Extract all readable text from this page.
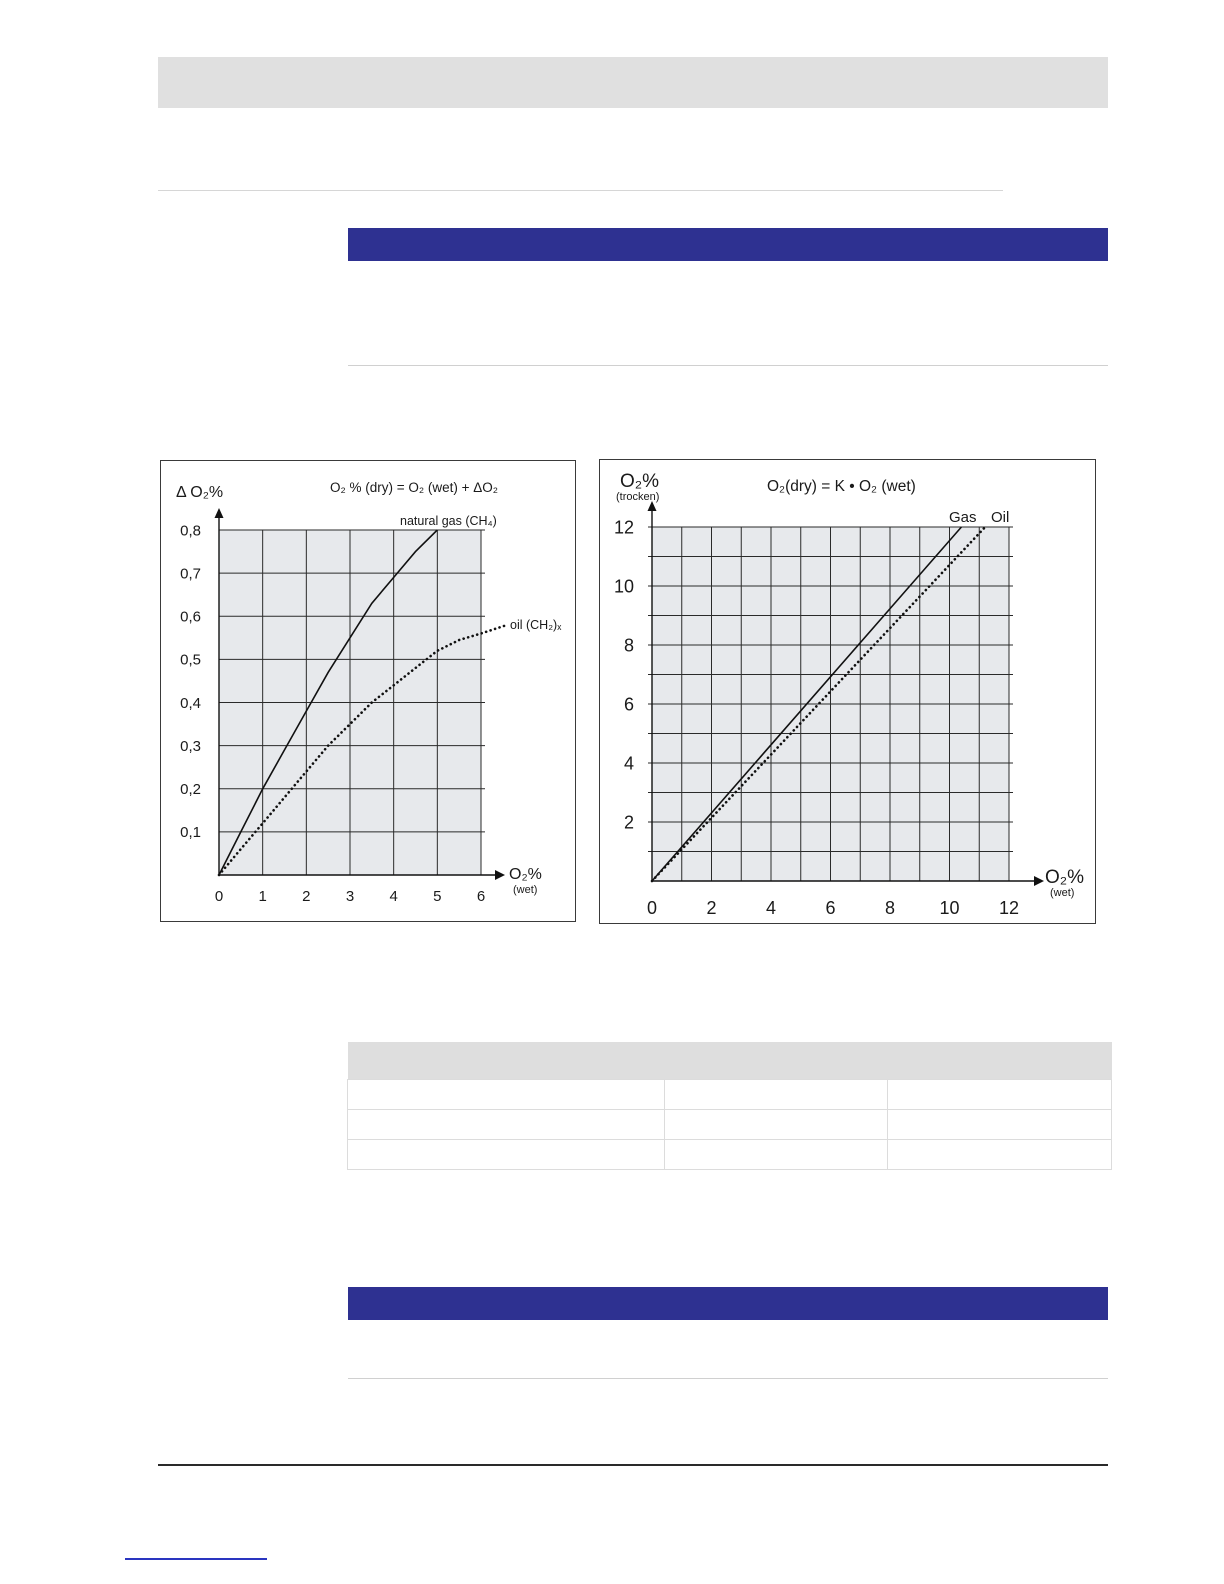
0 1 2 3 4 5 6
0,1
0,2
0,3
0,4
0,5
0,6
0,7
0,8
natural gas (CH₄)
oil (CH₂)ₓ
O₂ % (dry) = O₂ (wet) + ΔO₂
Δ O₂%
O₂%
(wet)
0	2	4	6	8 10 12
2
4
6
8
10
12	Gas Oil
O₂(dry) = K • O₂ (wet)
O₂%
(trocken)
O₂%
(wet)
